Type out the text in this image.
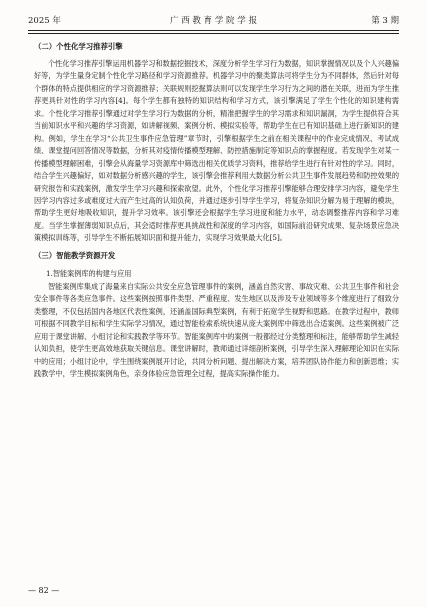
2025 年	广 西 教 育 学 院 学 报	第 3 期
（二）个性化学习推荐引擎

个性化学习推荐引擎运用机器学习和数据挖掘技术，深度分析学生学习行为数据，知识掌握情况以及个人兴趣偏好等，为学生量身定制个性化学习路径和学习资源推荐。机器学习中的聚类算法可将学生分为不同群体，然后针对每个群体的特点提供相应的学习资源推荐；关联规则挖掘算法则可以发现学生学习行为之间的潜在关联，进而为学生推荐更具针对性的学习内容[4]。每个学生都有独特的知识结构和学习方式，该引擎满足了学生个性化的知识建构需求。个性化学习推荐引擎通过对学生学习行为数据的分析，精准把握学生的学习需求和知识漏洞，为学生提供符合其当前知识水平和兴趣的学习资源，如讲解视频、案例分析、模拟实验等，帮助学生在已有知识基础上进行新知识的建构。例如，学生在学习“公共卫生事件应急管理”章节时，引擎根据学生之前在相关课程中的作业完成情况、考试成绩、课堂提问回答情况等数据，分析其对疫情传播模型理解、防控措施制定等知识点的掌握程度。若发现学生对某一传播模型理解困难，引擎会从海量学习资源库中筛选出相关优质学习资料，推荐给学生进行有针对性的学习。同时，结合学生兴趣偏好，如对数据分析感兴趣的学生，该引擎会推荐利用大数据分析公共卫生事件发展趋势和防控效果的研究报告和实践案例，激发学生学习兴趣和探索欲望。此外，个性化学习推荐引擎能够合理安排学习内容，避免学生因学习内容过多或难度过大而产生过高的认知负荷，并通过逐步引导学生学习，将复杂知识分解为易于理解的模块，帮助学生更好地吸收知识，提升学习效率。该引擎还会根据学生学习进度和能力水平，动态调整推荐内容和学习难度。当学生掌握薄弱知识点后，其会适时推荐更具挑战性和深度的学习内容，如国际前沿研究成果、复杂场景应急决策模拟训练等，引导学生不断拓展知识面和提升能力，实现学习效果最大化[5]。

（三）智能教学资源开发
1.智能案例库的构建与应用

智能案例库集成了海量来自实际公共安全应急管理事件的案例，涵盖自然灾害、事故灾难、公共卫生事件和社会安全事件等各类应急事件。这些案例按照事件类型、严重程度、发生地区以及涉及专业领域等多个维度进行了细致分类整理，不仅包括国内各地区代表性案例，还涵盖国际典型案例，有利于拓宽学生视野和思路。在教学过程中，教师可根据不同教学目标和学生实际学习情况，通过智能检索系统快速从庞大案例库中筛选出合适案例。这些案例被广泛应用于课堂讲解、小组讨论和实践教学等环节。智能案例库中的案例一般都经过分类整理和标注，能够帮助学生减轻认知负担，使学生更高效地获取关键信息。课堂讲解时，教师通过详细剖析案例，引导学生深入理解理论知识在实际中的应用；小组讨论中，学生围绕案例展开讨论，共同分析问题、提出解决方案，培养团队协作能力和创新思维；实践教学中，学生模拟案例角色，亲身体验应急管理全过程，提高实际操作能力。

— 82 —
